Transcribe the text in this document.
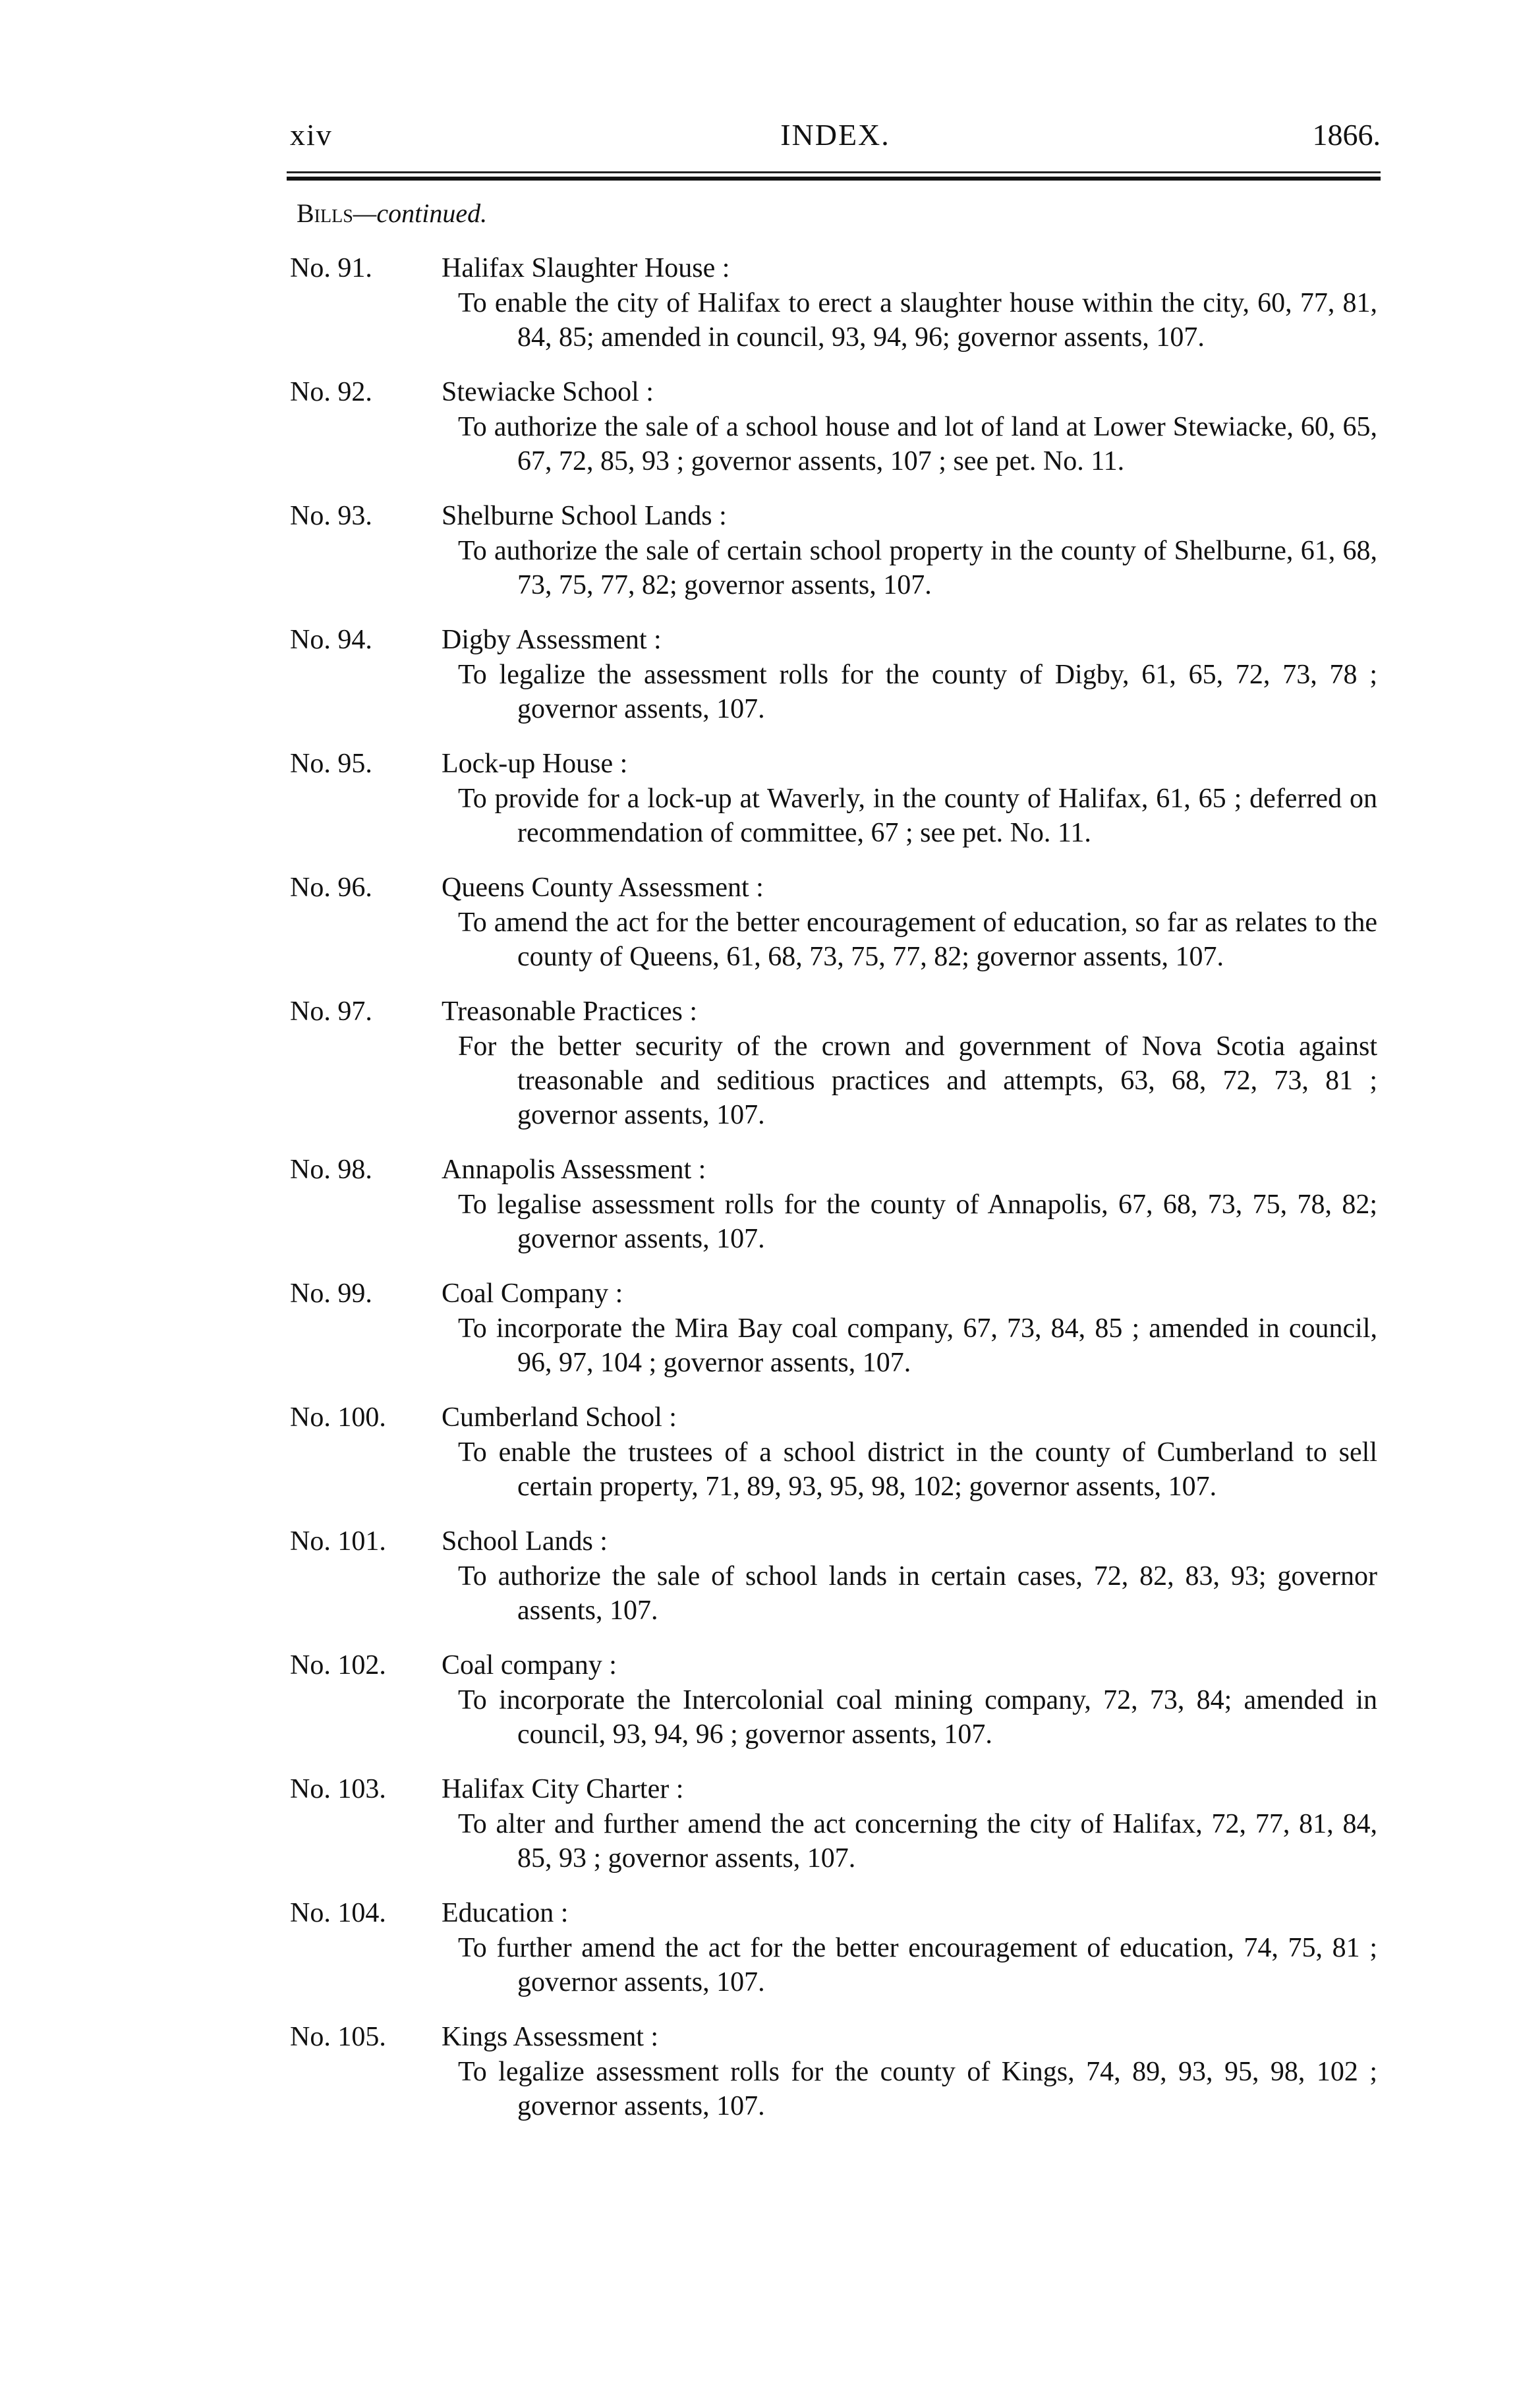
xiv	INDEX.	1866.
Bills—continued.
No. 91.	Halifax Slaughter House :
To enable the city of Halifax to erect a slaughter house within the city, 60, 77, 81, 84, 85; amended in council, 93, 94, 96; governor assents, 107.
No. 92.	Stewiacke School :
To authorize the sale of a school house and lot of land at Lower Stewiacke, 60, 65, 67, 72, 85, 93 ; governor assents, 107 ; see pet. No. 11.
No. 93.	Shelburne School Lands :
To authorize the sale of certain school property in the county of Shelburne, 61, 68, 73, 75, 77, 82; governor assents, 107.
No. 94.	Digby Assessment :
To legalize the assessment rolls for the county of Digby, 61, 65, 72, 73, 78 ; governor assents, 107.
No. 95.	Lock-up House :
To provide for a lock-up at Waverly, in the county of Halifax, 61, 65 ; deferred on recommendation of committee, 67 ; see pet. No. 11.
No. 96.	Queens County Assessment :
To amend the act for the better encouragement of education, so far as relates to the county of Queens, 61, 68, 73, 75, 77, 82; governor assents, 107.
No. 97.	Treasonable Practices :
For the better security of the crown and government of Nova Scotia against treasonable and seditious practices and attempts, 63, 68, 72, 73, 81 ; governor assents, 107.
No. 98.	Annapolis Assessment :
To legalise assessment rolls for the county of Annapolis, 67, 68, 73, 75, 78, 82; governor assents, 107.
No. 99.	Coal Company :
To incorporate the Mira Bay coal company, 67, 73, 84, 85 ; amended in council, 96, 97, 104 ; governor assents, 107.
No. 100.	Cumberland School :
To enable the trustees of a school district in the county of Cumberland to sell certain property, 71, 89, 93, 95, 98, 102; governor assents, 107.
No. 101.	School Lands :
To authorize the sale of school lands in certain cases, 72, 82, 83, 93; governor assents, 107.
No. 102.	Coal company :
To incorporate the Intercolonial coal mining company, 72, 73, 84; amended in council, 93, 94, 96 ; governor assents, 107.
No. 103.	Halifax City Charter :
To alter and further amend the act concerning the city of Halifax, 72, 77, 81, 84, 85, 93 ; governor assents, 107.
No. 104.	Education :
To further amend the act for the better encouragement of education, 74, 75, 81 ; governor assents, 107.
No. 105.	Kings Assessment :
To legalize assessment rolls for the county of Kings, 74, 89, 93, 95, 98, 102 ; governor assents, 107.
